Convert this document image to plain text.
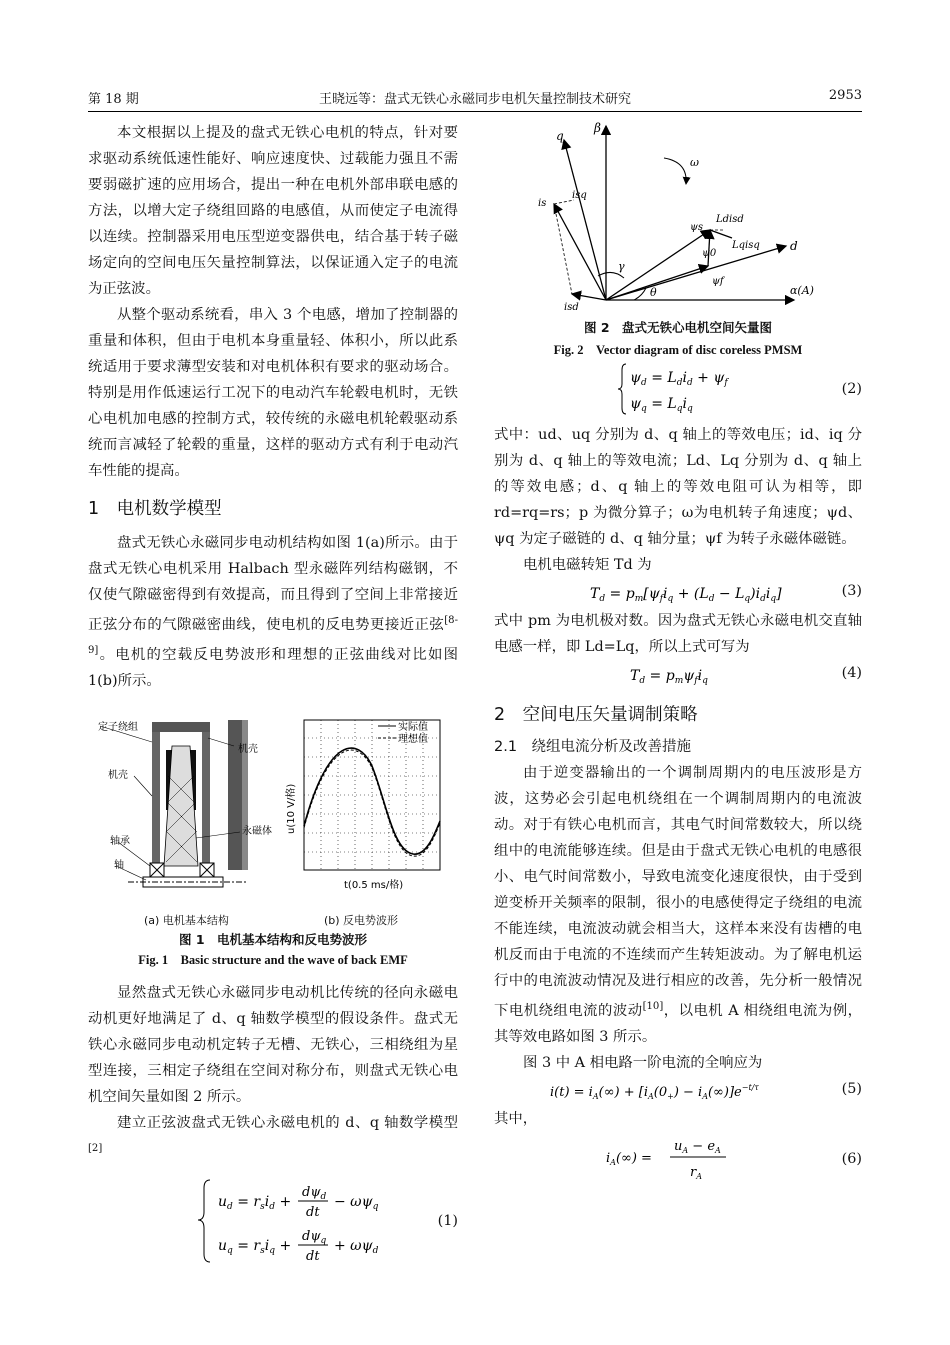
第 18 期	王晓远等：盘式无铁心永磁同步电机矢量控制技术研究	2953

本文根据以上提及的盘式无铁心电机的特点，针对要求驱动系统低速性能好、响应速度快、过载能力强且不需要弱磁扩速的应用场合，提出一种在电机外部串联电感的方法，以增大定子绕组回路的电感值，从而使定子电流得以连续。控制器采用电压型逆变器供电，结合基于转子磁场定向的空间电压矢量控制算法，以保证通入定子的电流为正弦波。

从整个驱动系统看，串入 3 个电感，增加了控制器的重量和体积，但由于电机本身重量轻、体积小，所以此系统适用于要求薄型安装和对电机体积有要求的驱动场合。特别是用作低速运行工况下的电动汽车轮毂电机时，无铁心电机加电感的控制方式，较传统的永磁电机轮毂驱动系统而言减轻了轮毂的重量，这样的驱动方式有利于电动汽车性能的提高。

1　电机数学模型

盘式无铁心永磁同步电动机结构如图 1(a)所示。由于盘式无铁心电机采用 Halbach 型永磁阵列结构磁钢，不仅使气隙磁密得到有效提高，而且得到了空间上非常接近正弦分布的气隙磁密曲线，使电机的反电势更接近正弦[8-9]。电机的空载反电势波形和理想的正弦曲线对比如图 1(b)所示。

定子绕组
机壳
机壳
轴承
轴
永磁体
实际值
理想值
u(10 V/格)
t(0.5 ms/格)
(a) 电机基本结构	(b) 反电势波形
图 1　电机基本结构和反电势波形
Fig. 1　Basic structure and the wave of back EMF

显然盘式无铁心永磁同步电动机比传统的径向永磁电动机更好地满足了 d、q 轴数学模型的假设条件。盘式无铁心永磁同步电动机定转子无槽、无铁心，三相绕组为星型连接，三相定子绕组在空间对称分布，则盘式无铁心电机空间矢量如图 2 所示。

建立正弦波盘式无铁心永磁电机的 d、q 轴数学模型[2]

$u_d = r_si_d$ +
$d\psi_d$
dt
− $\omega\psi_q$
$u_q = r_si_q$ +
$d\psi_q$
dt
+ $\omega\psi_d$
(1)
q
β
ω
is
isq
isd
ψs
ψ0
ψf
Ldisd
Lqisq	d
α(A)
γ
θ
图 2　盘式无铁心电机空间矢量图
Fig. 2　Vector diagram of disc coreless PMSM
$\psi_d = L_di_d + \psi_f$
$\psi_q = L_qi_q$
(2)

式中：ud、uq 分别为 d、q 轴上的等效电压；id、iq 分别为 d、q 轴上的等效电流；Ld、Lq 分别为 d、q 轴上的等效电感；d、q 轴上的等效电阻可认为相等，即 rd=rq=rs；p 为微分算子；ω为电机转子角速度；ψd、ψq 为定子磁链的 d、q 轴分量；ψf 为转子永磁体磁链。

电机电磁转矩 Td 为

$T_d = p_m[\psi_fi_q + (L_d - L_q)i_di_q]$	(3)

式中 pm 为电机极对数。因为盘式无铁心永磁电机交直轴电感一样，即 Ld=Lq，所以上式可写为

$T_d = p_m\psi_fi_q$	(4)
2　空间电压矢量调制策略
2.1　绕组电流分析及改善措施

由于逆变器输出的一个调制周期内的电压波形是方波，这势必会引起电机绕组在一个调制周期内的电流波动。对于有铁心电机而言，其电气时间常数较大，所以绕组中的电流能够连续。但是由于盘式无铁心电机的电感很小、电气时间常数小，导致电流变化速度很快，由于受到逆变桥开关频率的限制，很小的电感使得定子绕组的电流不能连续，电流波动就会相当大，这样本来没有齿槽的电机反而由于电流的不连续而产生转矩波动。为了解电机运行中的电流波动情况及进行相应的改善，先分析一般情况下电机绕组电流的波动[10]，以电机 A 相绕组电流为例，其等效电路如图 3 所示。

图 3 中 A 相电路一阶电流的全响应为

$i(t) = i_A(\infty) + [i_A(0_+) - i_A(\infty)]e^{-t/\tau}$	(5)

其中，

$i_A(\infty)$ =
$u_A - e_A$
$r_A$
(6)
